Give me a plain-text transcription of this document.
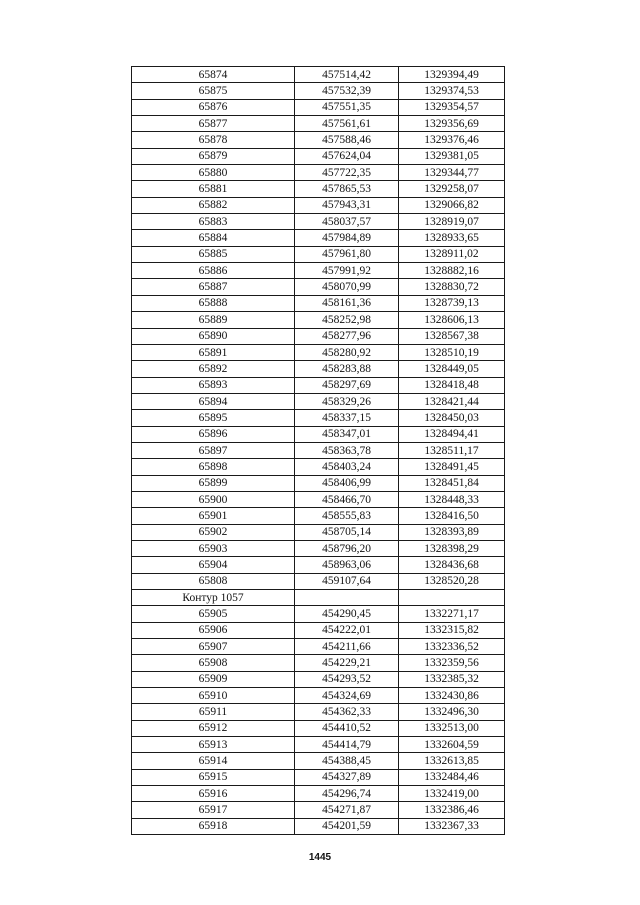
65874	457514,42	1329394,49
65875	457532,39	1329374,53
65876	457551,35	1329354,57
65877	457561,61	1329356,69
65878	457588,46	1329376,46
65879	457624,04	1329381,05
65880	457722,35	1329344,77
65881	457865,53	1329258,07
65882	457943,31	1329066,82
65883	458037,57	1328919,07
65884	457984,89	1328933,65
65885	457961,80	1328911,02
65886	457991,92	1328882,16
65887	458070,99	1328830,72
65888	458161,36	1328739,13
65889	458252,98	1328606,13
65890	458277,96	1328567,38
65891	458280,92	1328510,19
65892	458283,88	1328449,05
65893	458297,69	1328418,48
65894	458329,26	1328421,44
65895	458337,15	1328450,03
65896	458347,01	1328494,41
65897	458363,78	1328511,17
65898	458403,24	1328491,45
65899	458406,99	1328451,84
65900	458466,70	1328448,33
65901	458555,83	1328416,50
65902	458705,14	1328393,89
65903	458796,20	1328398,29
65904	458963,06	1328436,68
65808	459107,64	1328520,28
Контур 1057		
65905	454290,45	1332271,17
65906	454222,01	1332315,82
65907	454211,66	1332336,52
65908	454229,21	1332359,56
65909	454293,52	1332385,32
65910	454324,69	1332430,86
65911	454362,33	1332496,30
65912	454410,52	1332513,00
65913	454414,79	1332604,59
65914	454388,45	1332613,85
65915	454327,89	1332484,46
65916	454296,74	1332419,00
65917	454271,87	1332386,46
65918	454201,59	1332367,33
1445
